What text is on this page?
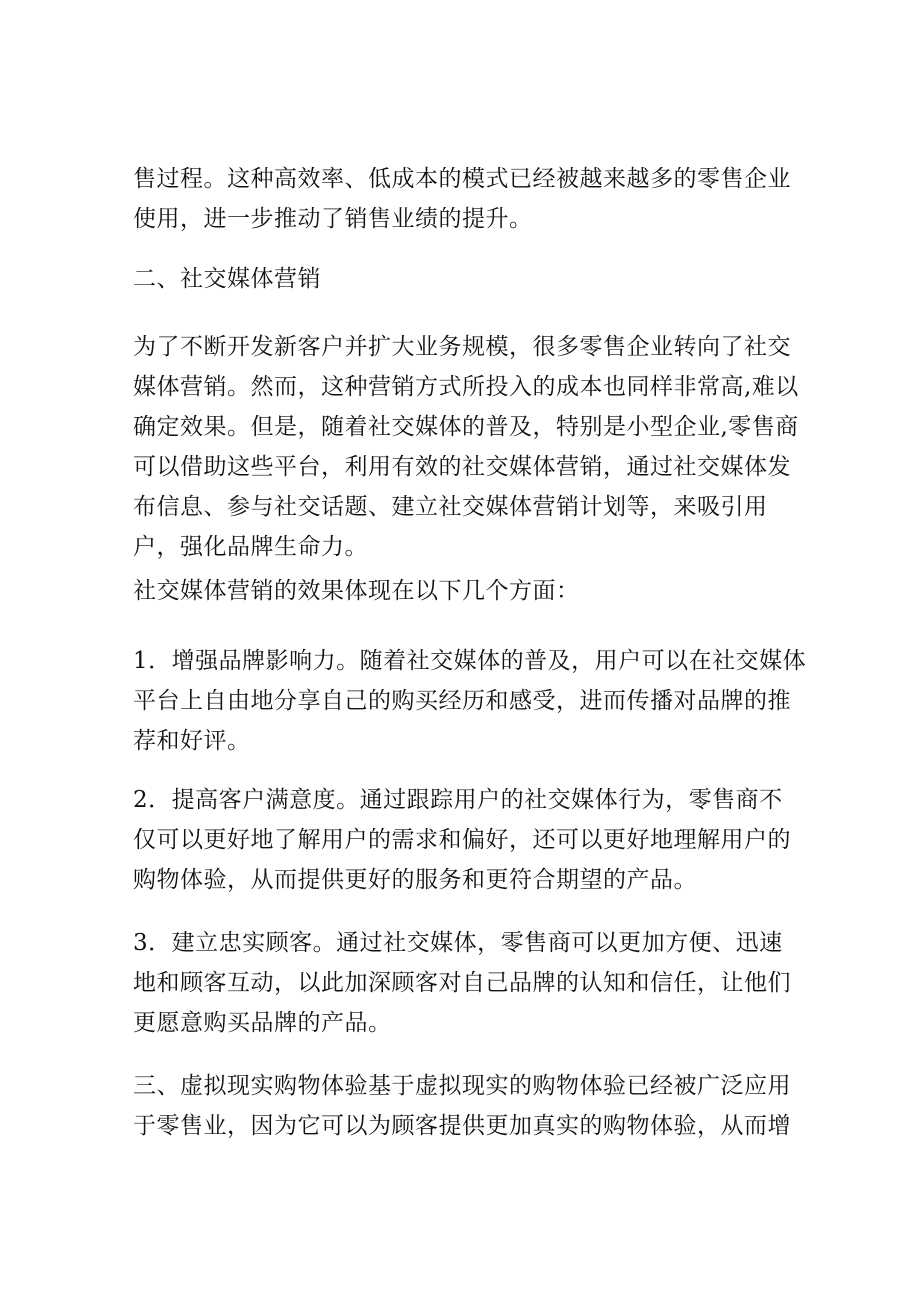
售过程。这种高效率、低成本的模式已经被越来越多的零售企业
使用，进一步推动了销售业绩的提升。
二、社交媒体营销
为了不断开发新客户并扩大业务规模，很多零售企业转向了社交
媒体营销。然而，这种营销方式所投入的成本也同样非常高,难以
确定效果。但是，随着社交媒体的普及，特别是小型企业,零售商
可以借助这些平台，利用有效的社交媒体营销，通过社交媒体发
布信息、参与社交话题、建立社交媒体营销计划等，来吸引用
户，强化品牌生命力。
社交媒体营销的效果体现在以下几个方面：
1．增强品牌影响力。随着社交媒体的普及，用户可以在社交媒体
平台上自由地分享自己的购买经历和感受，进而传播对品牌的推
荐和好评。
2．提高客户满意度。通过跟踪用户的社交媒体行为，零售商不
仅可以更好地了解用户的需求和偏好，还可以更好地理解用户的
购物体验，从而提供更好的服务和更符合期望的产品。
3．建立忠实顾客。通过社交媒体，零售商可以更加方便、迅速
地和顾客互动，以此加深顾客对自己品牌的认知和信任，让他们
更愿意购买品牌的产品。
三、虚拟现实购物体验基于虚拟现实的购物体验已经被广泛应用
于零售业，因为它可以为顾客提供更加真实的购物体验，从而增
